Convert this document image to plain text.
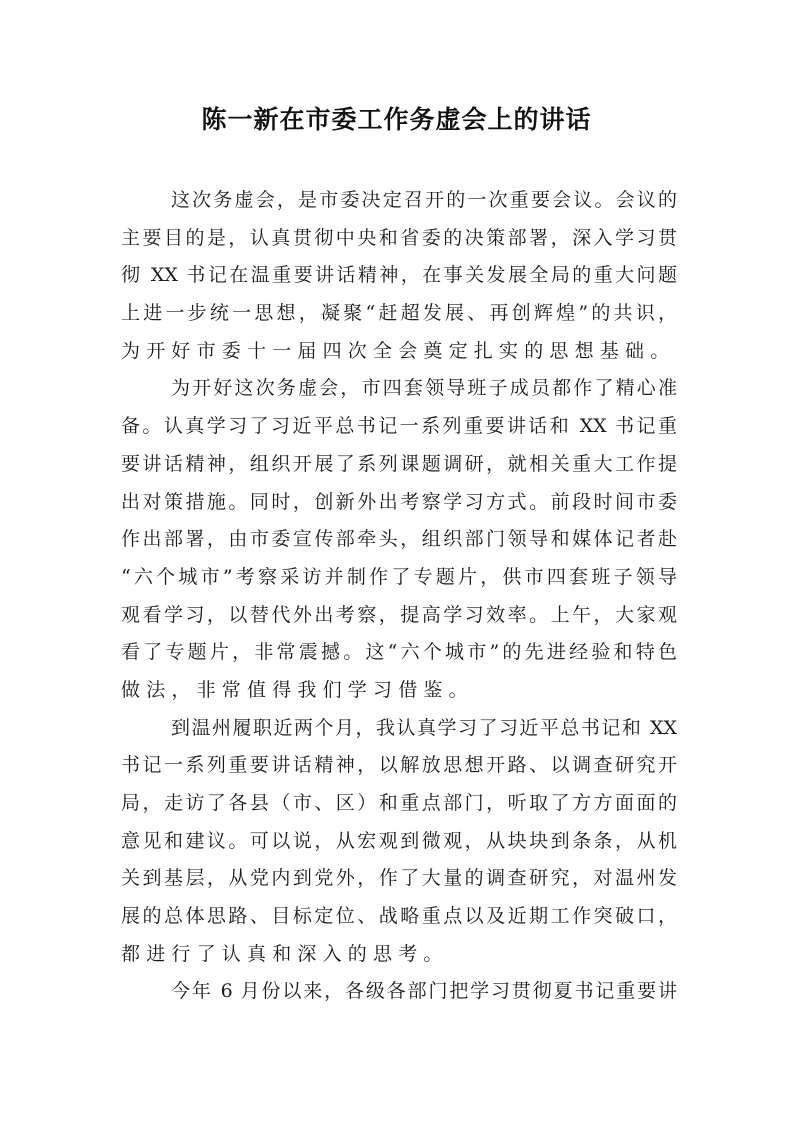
陈一新在市委工作务虚会上的讲话
这次务虚会，是市委决定召开的一次重要会议。会议的
主要目的是，认真贯彻中央和省委的决策部署，深入学习贯
彻 XX 书记在温重要讲话精神，在事关发展全局的重大问题
上进一步统一思想，凝聚“赶超发展、再创辉煌”的共识，
为开好市委十一届四次全会奠定扎实的思想基础。
为开好这次务虚会，市四套领导班子成员都作了精心准
备。认真学习了习近平总书记一系列重要讲话和 XX 书记重
要讲话精神，组织开展了系列课题调研，就相关重大工作提
出对策措施。同时，创新外出考察学习方式。前段时间市委
作出部署，由市委宣传部牵头，组织部门领导和媒体记者赴
“六个城市”考察采访并制作了专题片，供市四套班子领导
观看学习，以替代外出考察，提高学习效率。上午，大家观
看了专题片，非常震撼。这“六个城市”的先进经验和特色
做法，非常值得我们学习借鉴。
到温州履职近两个月，我认真学习了习近平总书记和 XX
书记一系列重要讲话精神，以解放思想开路、以调查研究开
局，走访了各县（市、区）和重点部门，听取了方方面面的
意见和建议。可以说，从宏观到微观，从块块到条条，从机
关到基层，从党内到党外，作了大量的调查研究，对温州发
展的总体思路、目标定位、战略重点以及近期工作突破口，
都进行了认真和深入的思考。
今年 6 月份以来，各级各部门把学习贯彻夏书记重要讲
